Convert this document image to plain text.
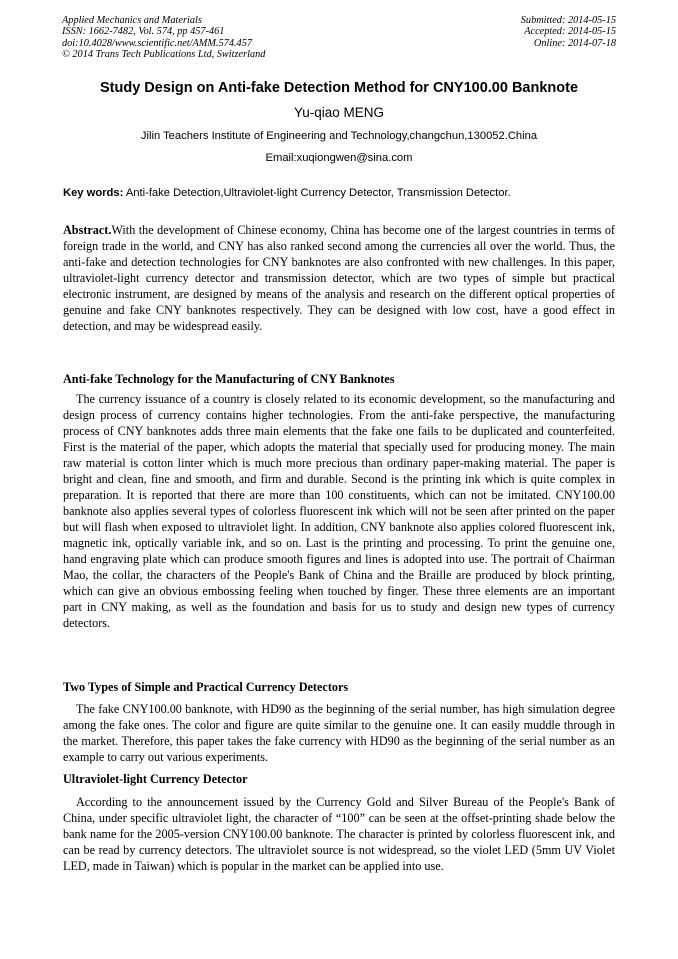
Applied Mechanics and Materials
ISSN: 1662-7482, Vol. 574, pp 457-461
doi:10.4028/www.scientific.net/AMM.574.457
© 2014 Trans Tech Publications Ltd, Switzerland
Submitted: 2014-05-15
Accepted: 2014-05-15
Online: 2014-07-18
Study Design on Anti-fake Detection Method for CNY100.00 Banknote
Yu-qiao MENG
Jilin Teachers Institute of Engineering and Technology,changchun,130052.China
Email:xuqiongwen@sina.com
Key words: Anti-fake Detection,Ultraviolet-light Currency Detector, Transmission Detector.
Abstract.With the development of Chinese economy, China has become one of the largest countries in terms of foreign trade in the world, and CNY has also ranked second among the currencies all over the world. Thus, the anti-fake and detection technologies for CNY banknotes are also confronted with new challenges. In this paper, ultraviolet-light currency detector and transmission detector, which are two types of simple but practical electronic instrument, are designed by means of the analysis and research on the different optical properties of genuine and fake CNY banknotes respectively. They can be designed with low cost, have a good effect in detection, and may be widespread easily.
Anti-fake Technology for the Manufacturing of CNY Banknotes
The currency issuance of a country is closely related to its economic development, so the manufacturing and design process of currency contains higher technologies. From the anti-fake perspective, the manufacturing process of CNY banknotes adds three main elements that the fake one fails to be duplicated and counterfeited. First is the material of the paper, which adopts the material that specially used for producing money. The main raw material is cotton linter which is much more precious than ordinary paper-making material. The paper is bright and clean, fine and smooth, and firm and durable. Second is the printing ink which is quite complex in preparation. It is reported that there are more than 100 constituents, which can not be imitated. CNY100.00 banknote also applies several types of colorless fluorescent ink which will not be seen after printed on the paper but will flash when exposed to ultraviolet light. In addition, CNY banknote also applies colored fluorescent ink, magnetic ink, optically variable ink, and so on. Last is the printing and processing. To print the genuine one, hand engraving plate which can produce smooth figures and lines is adopted into use. The portrait of Chairman Mao, the collar, the characters of the People's Bank of China and the Braille are produced by block printing, which can give an obvious embossing feeling when touched by finger. These three elements are an important part in CNY making, as well as the foundation and basis for us to study and design new types of currency detectors.
Two Types of Simple and Practical Currency Detectors
The fake CNY100.00 banknote, with HD90 as the beginning of the serial number, has high simulation degree among the fake ones. The color and figure are quite similar to the genuine one. It can easily muddle through in the market. Therefore, this paper takes the fake currency with HD90 as the beginning of the serial number as an example to carry out various experiments.
Ultraviolet-light Currency Detector
According to the announcement issued by the Currency Gold and Silver Bureau of the People's Bank of China, under specific ultraviolet light, the character of “100” can be seen at the offset-printing shade below the bank name for the 2005-version CNY100.00 banknote. The character is printed by colorless fluorescent ink, and can be read by currency detectors. The ultraviolet source is not widespread, so the violet LED (5mm UV Violet LED, made in Taiwan) which is popular in the market can be applied into use.
